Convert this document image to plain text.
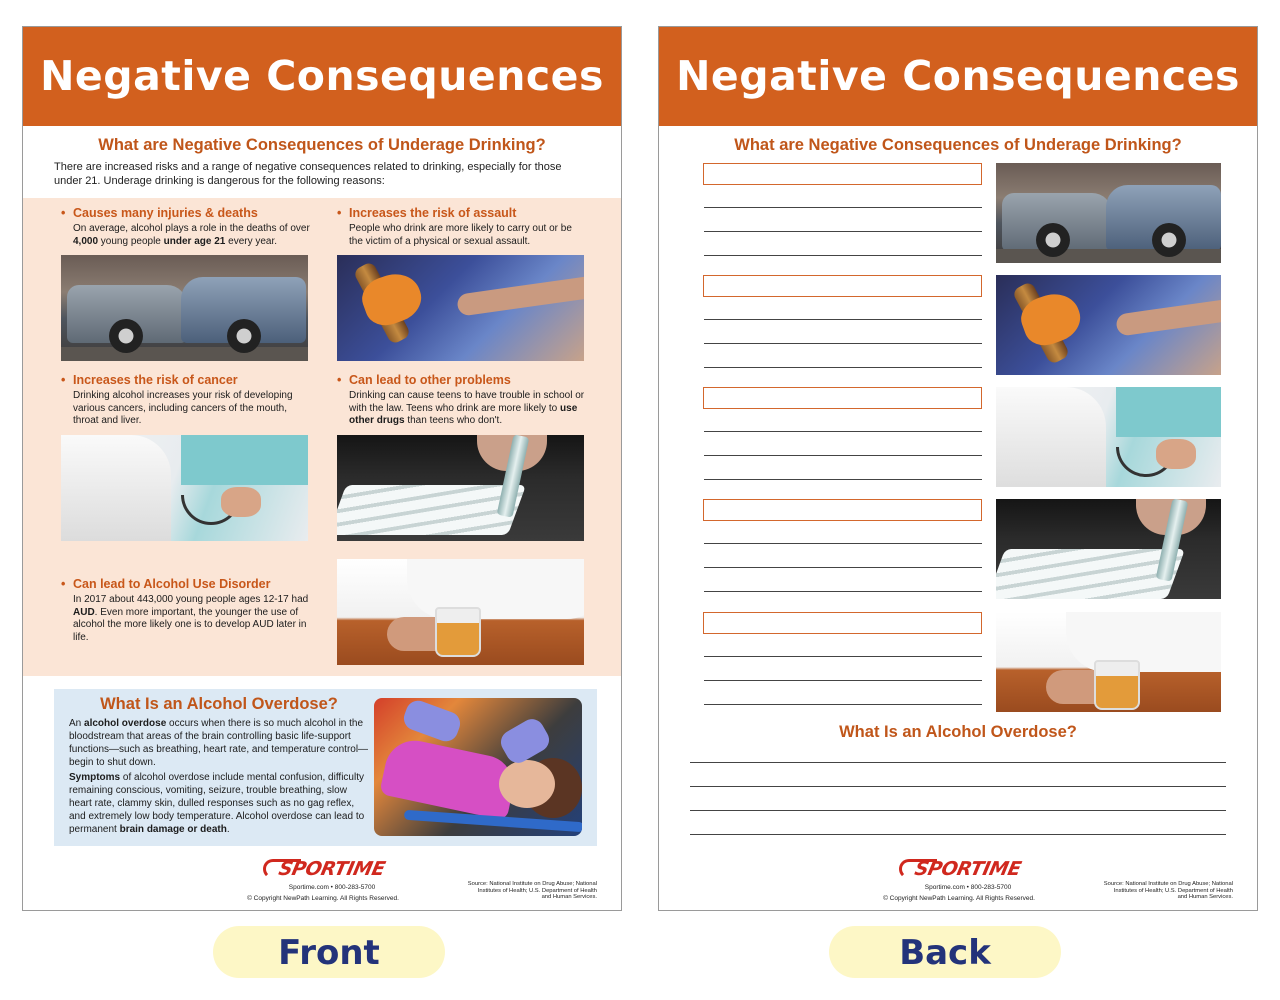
Negative Consequences
What are Negative Consequences of Underage Drinking?
There are increased risks and a range of negative consequences related to drinking, especially for those under 21. Underage drinking is dangerous for the following reasons:
• Causes many injuries & deaths
On average, alcohol plays a role in the deaths of over 4,000 young people under age 21 every year.
• Increases the risk of assault
People who drink are more likely to carry out or be the victim of a physical or sexual assault.
• Increases the risk of cancer
Drinking alcohol increases your risk of developing various cancers, including cancers of the mouth, throat and liver.
• Can lead to other problems
Drinking can cause teens to have trouble in school or with the law. Teens who drink are more likely to use other drugs than teens who don't.
• Can lead to Alcohol Use Disorder
In 2017 about 443,000 young people ages 12-17 had AUD. Even more important, the younger the use of alcohol the more likely one is to develop AUD later in life.
What Is an Alcohol Overdose?

An alcohol overdose occurs when there is so much alcohol in the bloodstream that areas of the brain controlling basic life-support functions—such as breathing, heart rate, and temperature control—begin to shut down.

Symptoms of alcohol overdose include mental confusion, difficulty remaining conscious, vomiting, seizure, trouble breathing, slow heart rate, clammy skin, dulled responses such as no gag reflex, and extremely low body temperature. Alcohol overdose can lead to permanent brain damage or death.

SPORTIME
Sportime.com • 800-283-5700
© Copyright NewPath Learning. All Rights Reserved.
Source: National Institute on Drug Abuse; National Institutes of Health; U.S. Department of Health and Human Services.
Negative Consequences
What are Negative Consequences of Underage Drinking?
What Is an Alcohol Overdose?
SPORTIME
Sportime.com • 800-283-5700
© Copyright NewPath Learning. All Rights Reserved.
Source: National Institute on Drug Abuse; National Institutes of Health; U.S. Department of Health and Human Services.
Front	Back
